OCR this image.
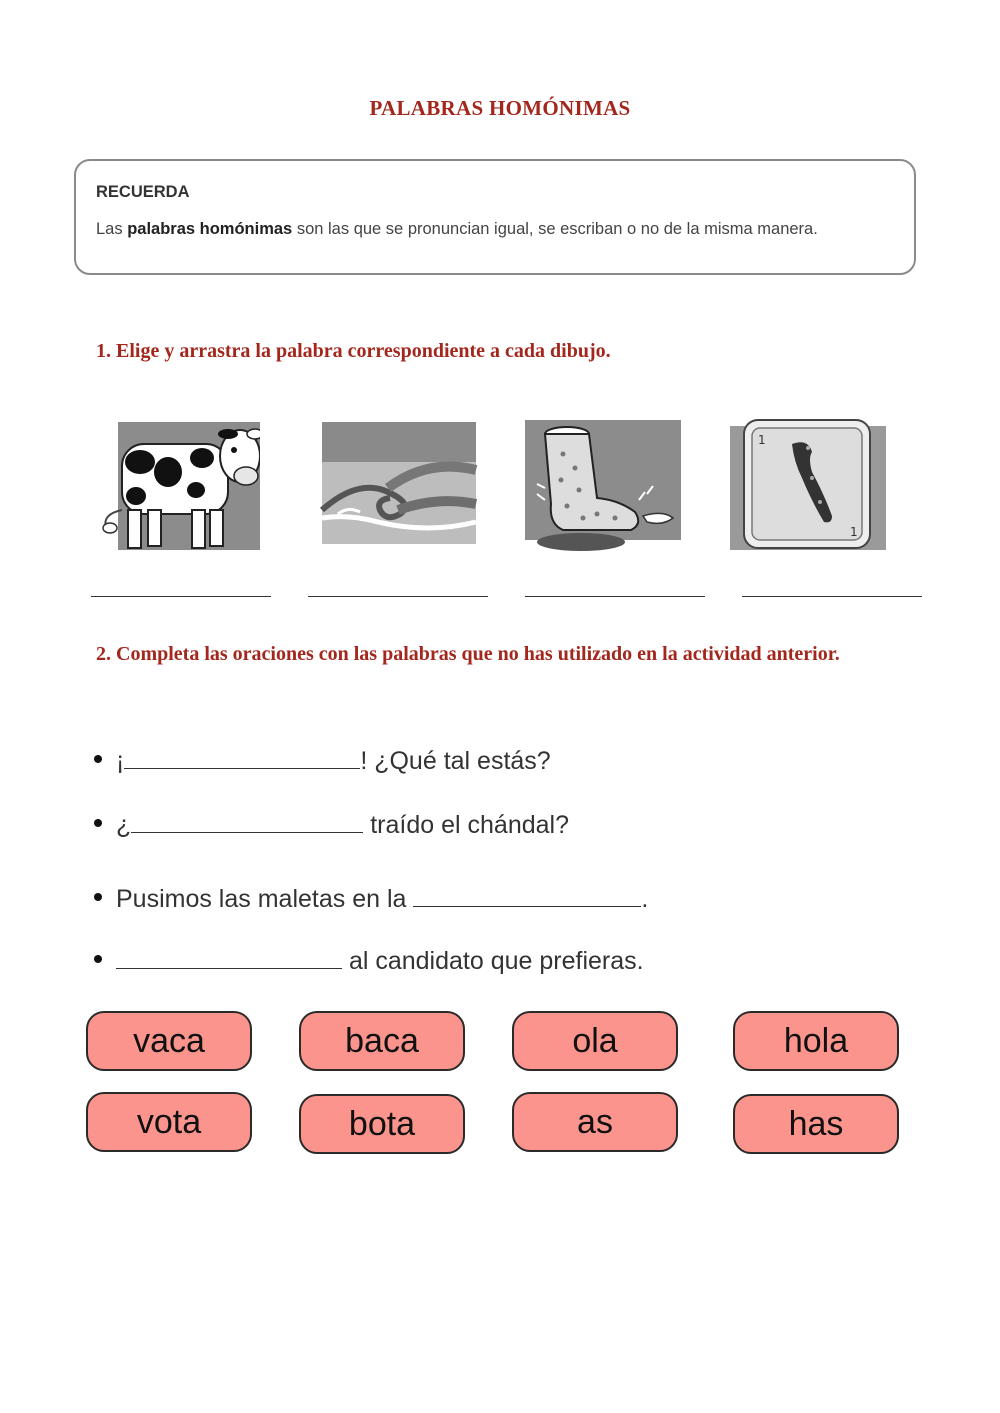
PALABRAS HOMÓNIMAS
RECUERDA
Las palabras homónimas son las que se pronuncian igual, se escriban o no de la misma manera.
1. Elige y arrastra la palabra correspondiente a cada dibujo.
1
1
2. Completa las oraciones con las palabras que no has utilizado en la actividad anterior.
¡	! ¿Qué tal estás?
¿	traído el chándal?
Pusimos las maletas en la	.
al candidato que prefieras.
vaca	baca	ola	hola
vota	bota	as	has
